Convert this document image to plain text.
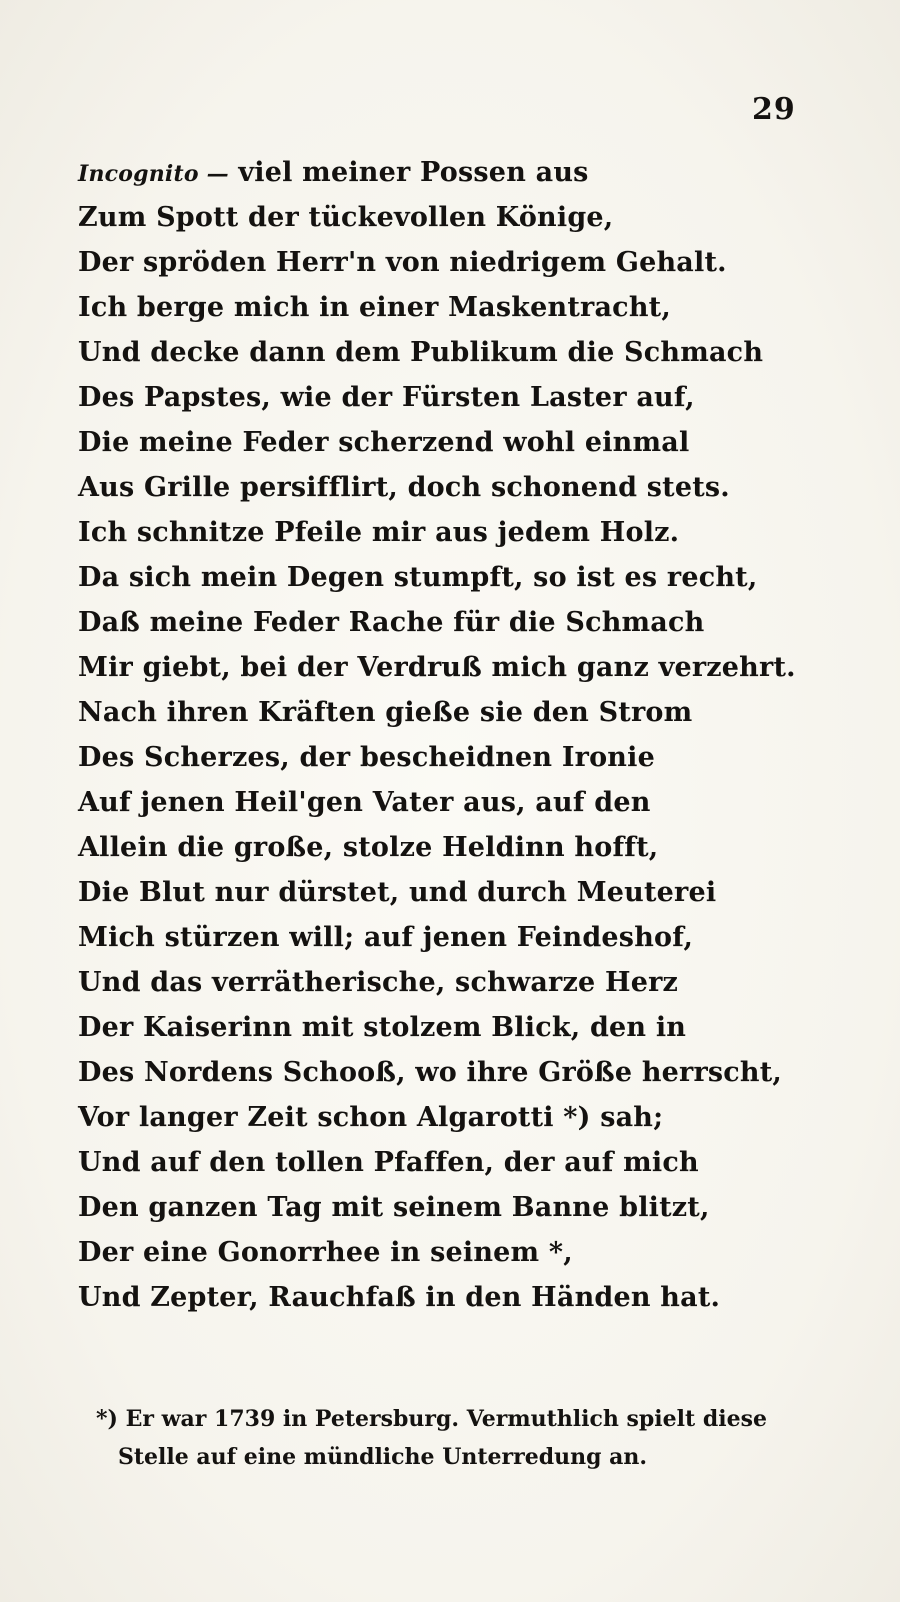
29
Incognito — viel meiner Possen aus
Zum Spott der tückevollen Könige,
Der spröden Herr'n von niedrigem Gehalt.
Ich berge mich in einer Maskentracht,
Und decke dann dem Publikum die Schmach
Des Papstes, wie der Fürsten Laster auf,
Die meine Feder scherzend wohl einmal
Aus Grille persifflirt, doch schonend stets.
Ich schnitze Pfeile mir aus jedem Holz.
Da sich mein Degen stumpft, so ist es recht,
Daß meine Feder Rache für die Schmach
Mir giebt, bei der Verdruß mich ganz verzehrt.
Nach ihren Kräften gieße sie den Strom
Des Scherzes, der bescheidnen Ironie
Auf jenen Heil'gen Vater aus, auf den
Allein die große, stolze Heldinn hofft,
Die Blut nur dürstet, und durch Meuterei
Mich stürzen will; auf jenen Feindeshof,
Und das verrätherische, schwarze Herz
Der Kaiserinn mit stolzem Blick, den in
Des Nordens Schooß, wo ihre Größe herrscht,
Vor langer Zeit schon Algarotti *) sah;
Und auf den tollen Pfaffen, der auf mich
Den ganzen Tag mit seinem Banne blitzt,
Der eine Gonorrhee in seinem *,
Und Zepter, Rauchfaß in den Händen hat.
*) Er war 1739 in Petersburg. Vermuthlich spielt diese
Stelle auf eine mündliche Unterredung an.
